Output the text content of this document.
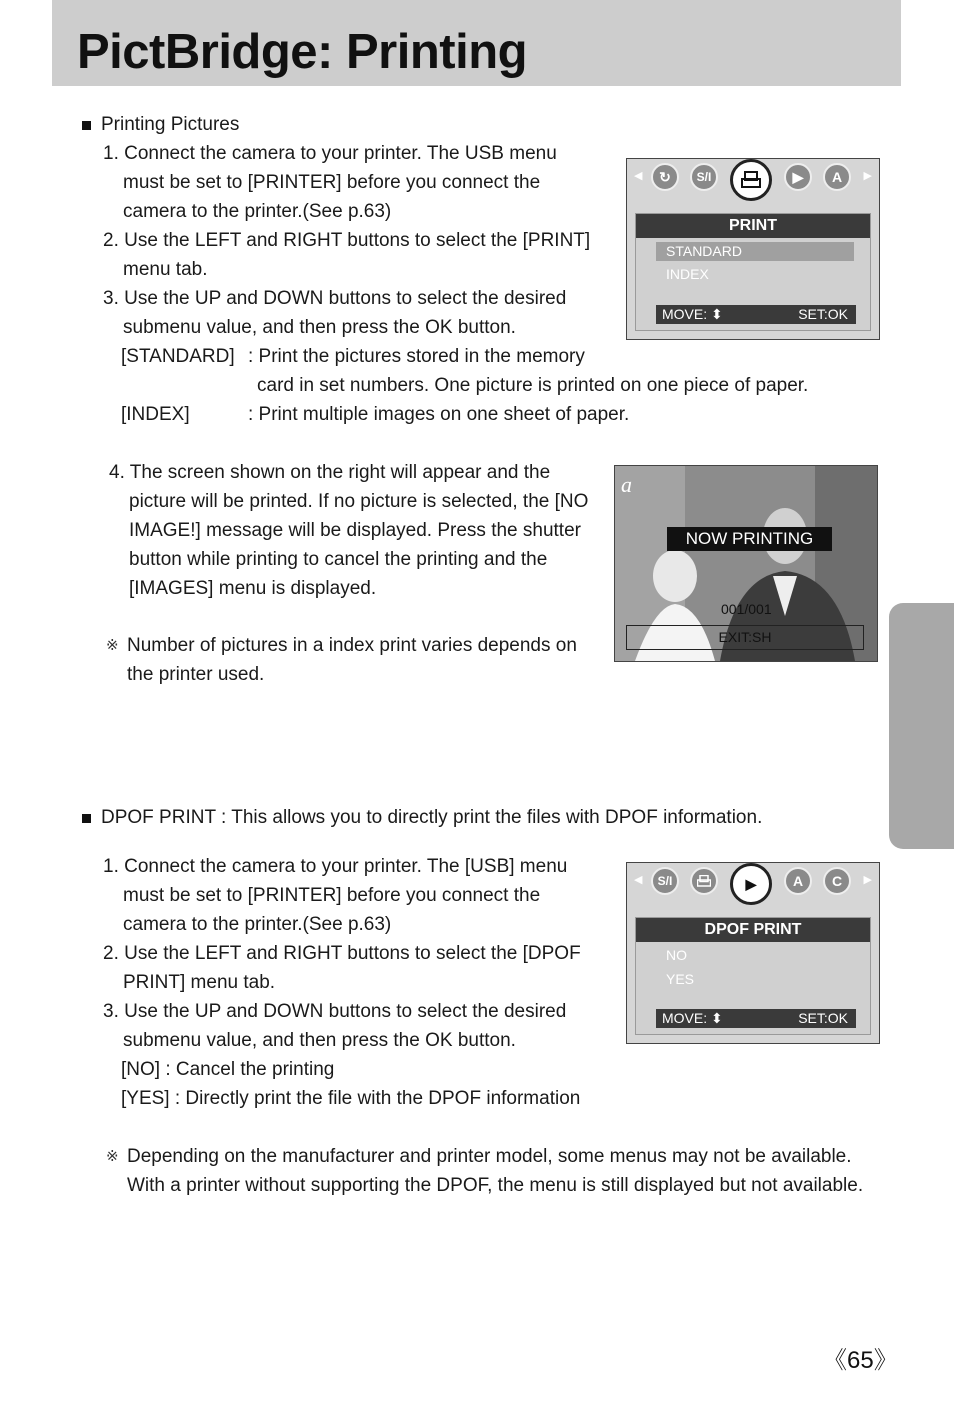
PictBridge: Printing

Printing Pictures

1. Connect the camera to your printer. The USB menu

must be set to [PRINTER] before you connect the

camera to the printer.(See p.63)

2. Use the LEFT and RIGHT buttons to select the [PRINT]

menu tab.

3. Use the UP and DOWN buttons to select the desired

submenu value, and then press the OK button.

[STANDARD] : Print the pictures stored in the memory

card in set numbers. One picture is printed on one piece of paper.

[INDEX]	: Print multiple images on one sheet of paper.

4. The screen shown on the right will appear and the

picture will be printed. If no picture is selected, the [NO

IMAGE!] message will be displayed. Press the shutter

button while printing to cancel the printing and the

[IMAGES] menu is displayed.

※ Number of pictures in a index print varies depends on

the printer used.

◀	▶
↻	S/I	▶	A
PRINT
STANDARD
INDEX
MOVE: ⬍	SET:OK
a
NOW PRINTING
001/001
EXIT:SH

DPOF PRINT : This allows you to directly print the files with DPOF information.

1. Connect the camera to your printer. The [USB] menu

must be set to [PRINTER] before you connect the

camera to the printer.(See p.63)

2. Use the LEFT and RIGHT buttons to select the [DPOF

PRINT] menu tab.

3. Use the UP and DOWN buttons to select the desired

submenu value, and then press the OK button.

[NO] : Cancel the printing

[YES] : Directly print the file with the DPOF information

※ Depending on the manufacturer and printer model, some menus may not be available.

With a printer without supporting the DPOF, the menu is still displayed but not available.

◀	▶
S/I	▶	A	C
DPOF PRINT
NO
YES
MOVE: ⬍	SET:OK
《65》
